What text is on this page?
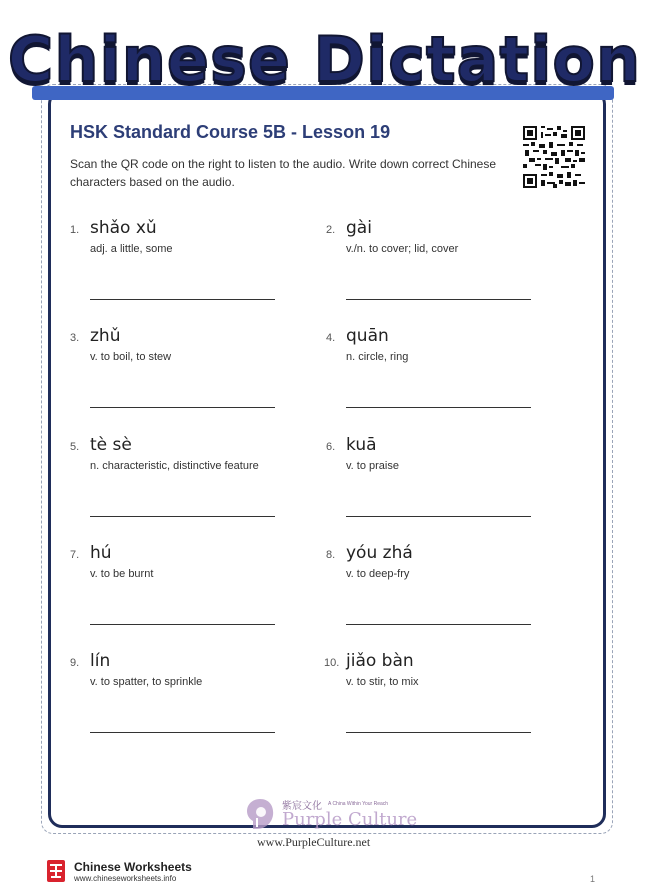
Chinese Dictation
HSK Standard Course 5B - Lesson 19
Scan the QR code on the right to listen to the audio. Write down correct Chinese characters based on the audio.
1. shǎo xǔ
adj. a little, some
2. gài
v./n. to cover; lid, cover
3. zhǔ
v. to boil, to stew
4. quān
n. circle, ring
5. tè sè
n. characteristic, distinctive feature
6. kuā
v. to praise
7. hú
v. to be burnt
8. yóu zhá
v. to deep-fry
9. lín
v. to spatter, to sprinkle
10. jiǎo bàn
v. to stir, to mix
紫宸文化 A China Within Your Reach
Purple Culture
www.PurpleCulture.net
Chinese Worksheets
www.chineseworksheets.info	1
